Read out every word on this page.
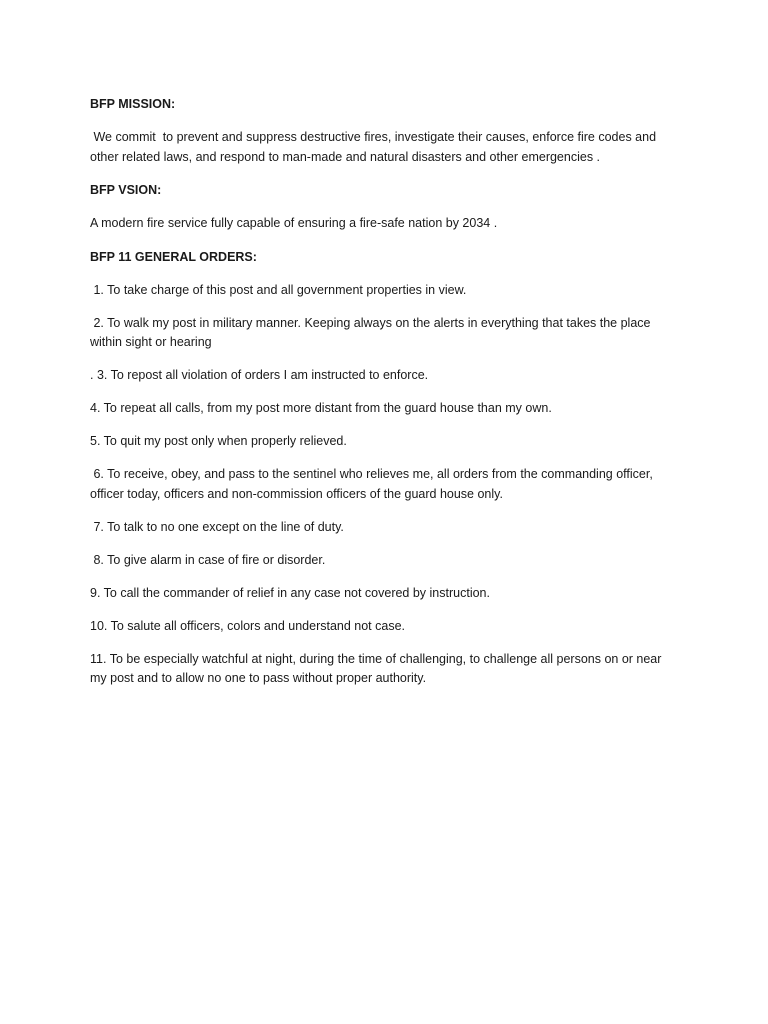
BFP MISSION:
We commit  to prevent and suppress destructive fires, investigate their causes, enforce fire codes and other related laws, and respond to man-made and natural disasters and other emergencies .
BFP VSION:
A modern fire service fully capable of ensuring a fire-safe nation by 2034 .
BFP 11 GENERAL ORDERS:
1. To take charge of this post and all government properties in view.
2. To walk my post in military manner. Keeping always on the alerts in everything that takes the place within sight or hearing
. 3. To repost all violation of orders I am instructed to enforce.
4. To repeat all calls, from my post more distant from the guard house than my own.
5. To quit my post only when properly relieved.
6. To receive, obey, and pass to the sentinel who relieves me, all orders from the commanding officer, officer today, officers and non-commission officers of the guard house only.
7. To talk to no one except on the line of duty.
8. To give alarm in case of fire or disorder.
9. To call the commander of relief in any case not covered by instruction.
10. To salute all officers, colors and understand not case.
11. To be especially watchful at night, during the time of challenging, to challenge all persons on or near my post and to allow no one to pass without proper authority.
